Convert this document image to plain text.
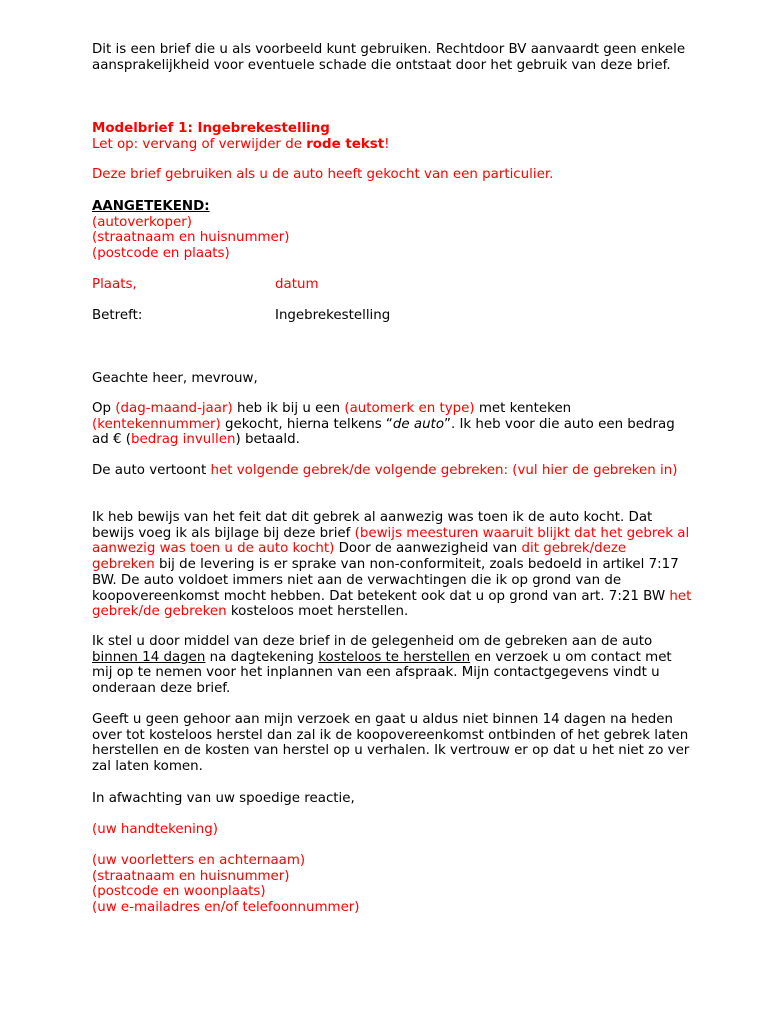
Dit is een brief die u als voorbeeld kunt gebruiken. Rechtdoor BV aanvaardt geen enkele aansprakelijkheid voor eventuele schade die ontstaat door het gebruik van deze brief.
Modelbrief 1: Ingebrekestelling
Let op: vervang of verwijder de rode tekst!
Deze brief gebruiken als u de auto heeft gekocht van een particulier.
AANGETEKEND:
(autoverkoper)
(straatnaam en huisnummer)
(postcode en plaats)
Plaats,	datum
Betreft:	Ingebrekestelling
Geachte heer, mevrouw,
Op (dag-maand-jaar) heb ik bij u een (automerk en type) met kenteken (kentekennummer) gekocht, hierna telkens “de auto”. Ik heb voor die auto een bedrag ad € (bedrag invullen) betaald.
De auto vertoont het volgende gebrek/de volgende gebreken: (vul hier de gebreken in)
Ik heb bewijs van het feit dat dit gebrek al aanwezig was toen ik de auto kocht. Dat bewijs voeg ik als bijlage bij deze brief (bewijs meesturen waaruit blijkt dat het gebrek al aanwezig was toen u de auto kocht) Door de aanwezigheid van dit gebrek/deze gebreken bij de levering is er sprake van non-conformiteit, zoals bedoeld in artikel 7:17 BW. De auto voldoet immers niet aan de verwachtingen die ik op grond van de koopovereenkomst mocht hebben. Dat betekent ook dat u op grond van art. 7:21 BW het gebrek/de gebreken kosteloos moet herstellen.
Ik stel u door middel van deze brief in de gelegenheid om de gebreken aan de auto binnen 14 dagen na dagtekening kosteloos te herstellen en verzoek u om contact met mij op te nemen voor het inplannen van een afspraak. Mijn contactgegevens vindt u onderaan deze brief.
Geeft u geen gehoor aan mijn verzoek en gaat u aldus niet binnen 14 dagen na heden over tot kosteloos herstel dan zal ik de koopovereenkomst ontbinden of het gebrek laten herstellen en de kosten van herstel op u verhalen. Ik vertrouw er op dat u het niet zo ver zal laten komen.
In afwachting van uw spoedige reactie,
(uw handtekening)
(uw voorletters en achternaam)
(straatnaam en huisnummer)
(postcode en woonplaats)
(uw e-mailadres en/of telefoonnummer)
